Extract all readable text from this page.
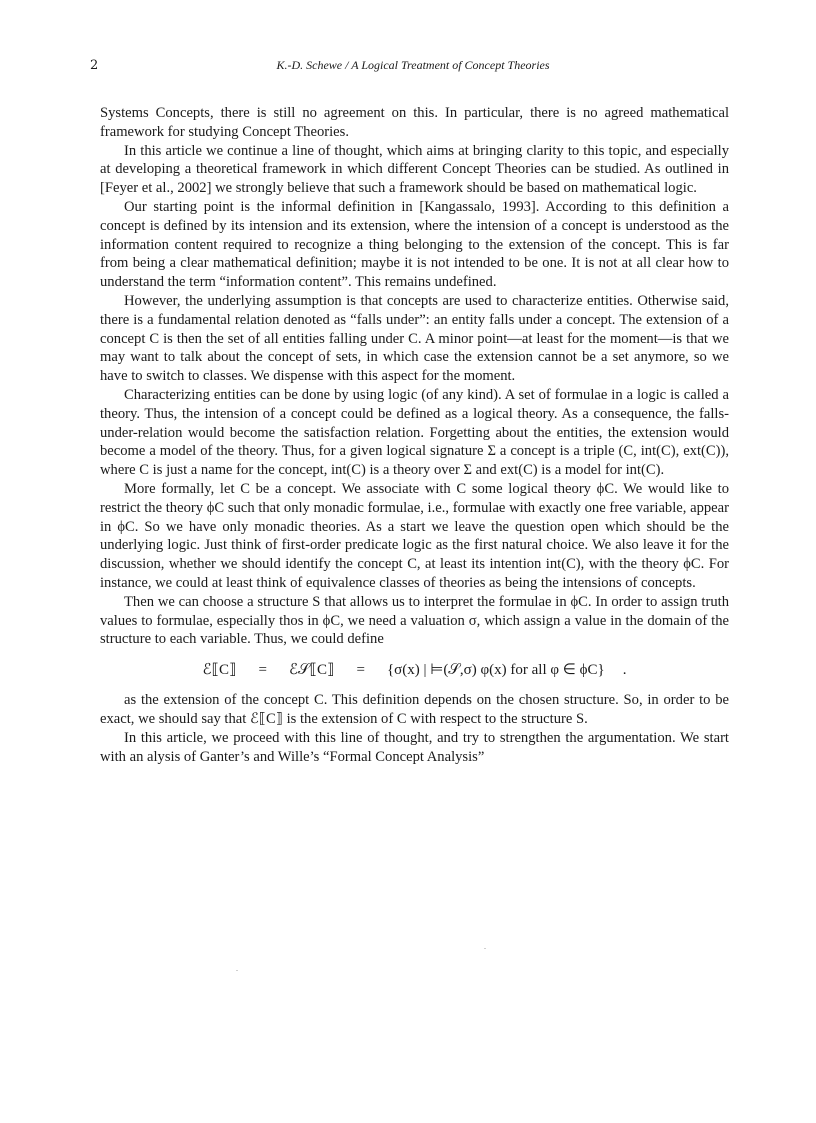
2	K.-D. Schewe / A Logical Treatment of Concept Theories

Systems Concepts, there is still no agreement on this. In particular, there is no agreed mathematical framework for studying Concept Theories.

In this article we continue a line of thought, which aims at bringing clarity to this topic, and especially at developing a theoretical framework in which different Concept Theories can be studied. As outlined in [Feyer et al., 2002] we strongly believe that such a framework should be based on mathematical logic.

Our starting point is the informal definition in [Kangassalo, 1993]. According to this definition a concept is defined by its intension and its extension, where the intension of a concept is understood as the information content required to recognize a thing belonging to the extension of the concept. This is far from being a clear mathematical definition; maybe it is not intended to be one. It is not at all clear how to understand the term “information content”. This remains undefined.

However, the underlying assumption is that concepts are used to characterize entities. Otherwise said, there is a fundamental relation denoted as “falls under”: an entity falls under a concept. The extension of a concept C is then the set of all entities falling under C. A minor point—at least for the moment—is that we may want to talk about the concept of sets, in which case the extension cannot be a set anymore, so we have to switch to classes. We dispense with this aspect for the moment.

Characterizing entities can be done by using logic (of any kind). A set of formulae in a logic is called a theory. Thus, the intension of a concept could be defined as a logical theory. As a consequence, the falls-under-relation would become the satisfaction relation. Forgetting about the entities, the extension would become a model of the theory. Thus, for a given logical signature Σ a concept is a triple (C, int(C), ext(C)), where C is just a name for the concept, int(C) is a theory over Σ and ext(C) is a model for int(C).

More formally, let C be a concept. We associate with C some logical theory ϕC. We would like to restrict the theory ϕC such that only monadic formulae, i.e., formulae with exactly one free variable, appear in ϕC. So we have only monadic theories. As a start we leave the question open which should be the underlying logic. Just think of first-order predicate logic as the first natural choice. We also leave it for the discussion, whether we should identify the concept C, at least its intention int(C), with the theory ϕC. For instance, we could at least think of equivalence classes of theories as being the intensions of concepts.

Then we can choose a structure S that allows us to interpret the formulae in ϕC. In order to assign truth values to formulae, especially thos in ϕC, we need a valuation σ, which assign a value in the domain of the structure to each variable. Thus, we could define

ℰ⟦C⟧ = ℰ𝒮⟦C⟧ = {σ(x) | ⊨(𝒮,σ) φ(x) for all φ ∈ ϕC} .

as the extension of the concept C. This definition depends on the chosen structure. So, in order to be exact, we should say that ℰ⟦C⟧ is the extension of C with respect to the structure S.

In this article, we proceed with this line of thought, and try to strengthen the argumentation. We start with an alysis of Ganter’s and Wille’s “Formal Concept Analysis”
